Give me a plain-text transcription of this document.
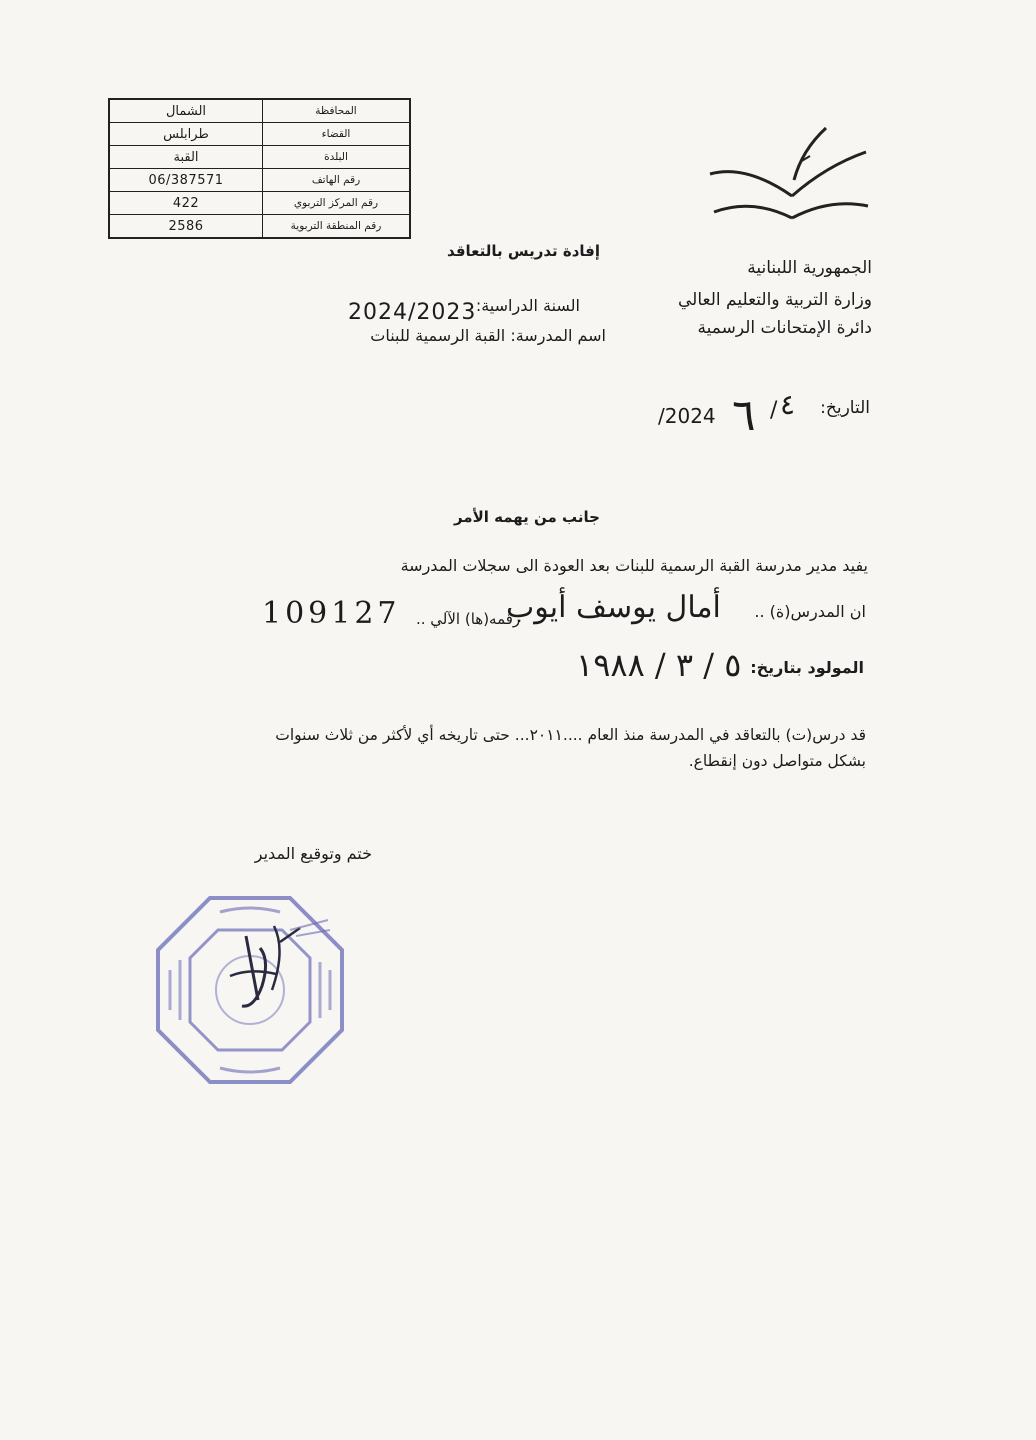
المحافظة	الشمال
القضاء	طرابلس
البلدة	القبة
رقم الهاتف	06/387571
رقم المركز التربوي	422
رقم المنطقة التربوية	2586
الجمهورية اللبنانية
وزارة التربية والتعليم العالي
دائرة الإمتحانات الرسمية
إفادة تدريس بالتعاقد
السنة الدراسية:
2024/2023
اسم المدرسة: القبة الرسمية للبنات
التاريخ:
٤
/
٦
/2024
جانب من يهمه الأمر
يفيد مدير مدرسة القبة الرسمية للبنات بعد العودة الى سجلات المدرسة
ان المدرس(ة) ..
أمال يوسف أيوب
رقمه(ها) الآلي ..
109127
المولود بتاريخ:
٥ / ٣ / ١٩٨٨
قد درس(ت) بالتعاقد في المدرسة منذ العام ....٢٠١١... حتى تاريخه أي لأكثر من ثلاث سنوات
بشكل متواصل دون إنقطاع.
ختم وتوقيع المدير
